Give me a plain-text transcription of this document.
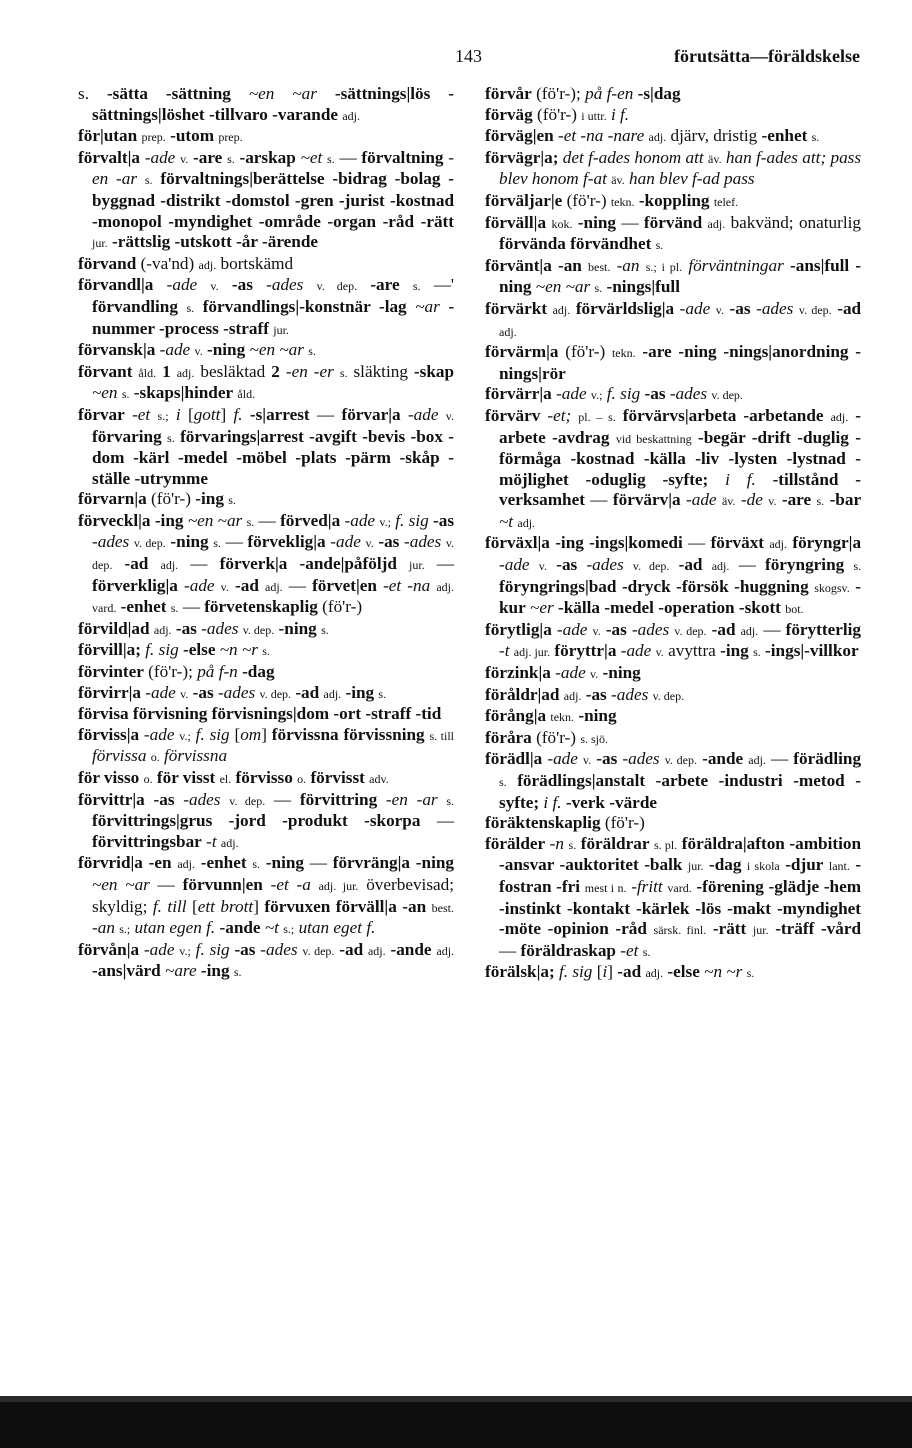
143	förutsätta—föräldskelse

s. -sätta -sättning ~en ~ar -sättnings|lös -sättnings|löshet -tillvaro -varande adj.

för|utan prep. -utom prep.

förvalt|a -ade v. -are s. -arskap ~et s. — förvaltning -en -ar s. förvaltnings|berättelse -bidrag -bolag -byggnad -distrikt -domstol -gren -jurist -kostnad -monopol -myndighet -område -organ -råd -rätt jur. -rättslig -utskott -år -ärende

förvand (-va'nd) adj. bortskämd

förvandl|a -ade v. -as -ades v. dep. -are s. —' förvandling s. förvandlings|-konstnär -lag ~ar -nummer -process -straff jur.

förvansk|a -ade v. -ning ~en ~ar s.

förvant åld. 1 adj. besläktad 2 -en -er s. släkting -skap ~en s. -skaps|hinder åld.

förvar -et s.; i [gott] f. -s|arrest — förvar|a -ade v. förvaring s. förvarings|arrest -avgift -bevis -box -dom -kärl -medel -möbel -plats -pärm -skåp -ställe -utrymme

förvarn|a (fö'r-) -ing s.

förveckl|a -ing ~en ~ar s. — förved|a -ade v.; f. sig -as -ades v. dep. -ning s. — förveklig|a -ade v. -as -ades v. dep. -ad adj. — förverk|a -ande|påföljd jur. — förverklig|a -ade v. -ad adj. — förvet|en -et -na adj. vard. -enhet s. — förvetenskaplig (fö'r-)

förvild|ad adj. -as -ades v. dep. -ning s.

förvill|a; f. sig -else ~n ~r s.

förvinter (fö'r-); på f-n -dag

förvirr|a -ade v. -as -ades v. dep. -ad adj. -ing s.

förvisa förvisning förvisnings|dom -ort -straff -tid

förviss|a -ade v.; f. sig [om] förvissna förvissning s. till förvissa o. förvissna

för visso o. för visst el. förvisso o. förvisst adv.

förvittr|a -as -ades v. dep. — förvittring -en -ar s. förvittrings|grus -jord -produkt -skorpa — förvittringsbar -t adj.

förvrid|a -en adj. -enhet s. -ning — förvräng|a -ning ~en ~ar — förvunn|en -et -a adj. jur. överbevisad; skyldig; f. till [ett brott] förvuxen förväll|a -an best. -an s.; utan egen f. -ande ~t s.; utan eget f.

förvån|a -ade v.; f. sig -as -ades v. dep. -ad adj. -ande adj. -ans|värd ~are -ing s.

förvår (fö'r-); på f-en -s|dag

förväg (fö'r-) i uttr. i f.

förväg|en -et -na -nare adj. djärv, dristig -enhet s.

förvägr|a; det f-ades honom att äv. han f-ades att; pass blev honom f-at äv. han blev f-ad pass

förväljar|e (fö'r-) tekn. -koppling telef.

förväll|a kok. -ning — förvänd adj. bakvänd; onaturlig förvända förvändhet s.

förvänt|a -an best. -an s.; i pl. förväntningar -ans|full -ning ~en ~ar s. -nings|full

förvärkt adj. förvärldslig|a -ade v. -as -ades v. dep. -ad adj.

förvärm|a (fö'r-) tekn. -are -ning -nings|anordning -nings|rör

förvärr|a -ade v.; f. sig -as -ades v. dep.

förvärv -et; pl. – s. förvärvs|arbeta -arbetande adj. -arbete -avdrag vid beskattning -begär -drift -duglig -förmåga -kostnad -källa -liv -lysten -lystnad -möjlighet -oduglig -syfte; i f. -tillstånd -verksamhet — förvärv|a -ade äv. -de v. -are s. -bar ~t adj.

förväxl|a -ing -ings|komedi — förväxt adj. föryngr|a -ade v. -as -ades v. dep. -ad adj. — föryngring s. föryngrings|bad -dryck -försök -huggning skogsv. -kur ~er -källa -medel -operation -skott bot.

förytlig|a -ade v. -as -ades v. dep. -ad adj. — förytterlig -t adj. jur. föryttr|a -ade v. avyttra -ing s. -ings|-villkor

förzink|a -ade v. -ning

föråldr|ad adj. -as -ades v. dep.

förång|a tekn. -ning

föråra (fö'r-) s. sjö.

förädl|a -ade v. -as -ades v. dep. -ande adj. — förädling s. förädlings|anstalt -arbete -industri -metod -syfte; i f. -verk -värde

föräktenskaplig (fö'r-)

förälder -n s. föräldrar s. pl. föräldra|afton -ambition -ansvar -auktoritet -balk jur. -dag i skola -djur lant. -fostran -fri mest i n. -fritt vard. -förening -glädje -hem -instinkt -kontakt -kärlek -lös -makt -myndighet -möte -opinion -råd särsk. finl. -rätt jur. -träff -vård — föräldraskap -et s.

förälsk|a; f. sig [i] -ad adj. -else ~n ~r s.
